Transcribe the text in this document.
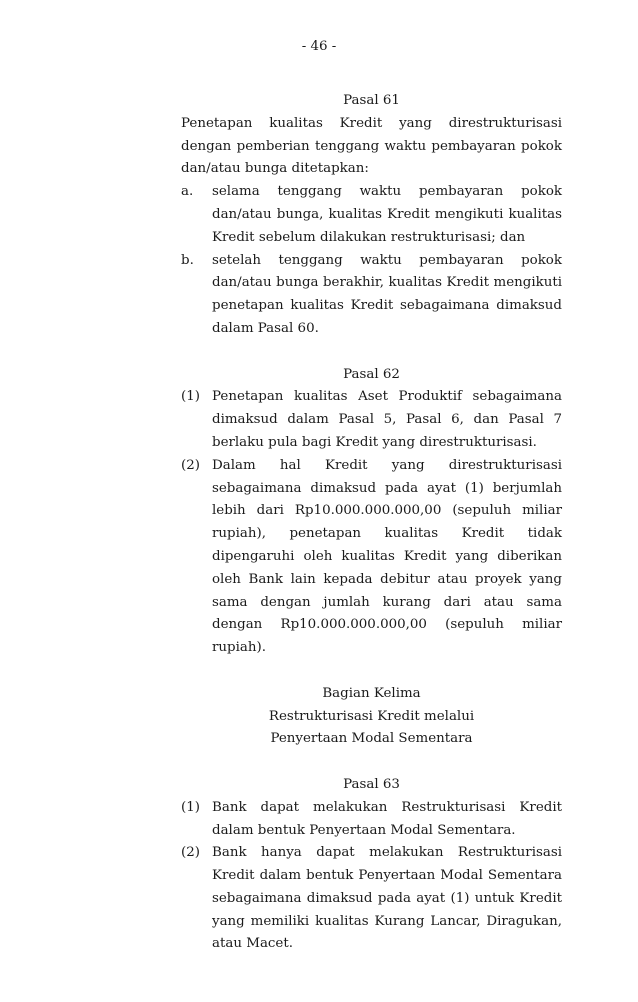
- 46 -
Pasal 61
Penetapan kualitas Kredit yang direstrukturisasi dengan pemberian tenggang waktu pembayaran pokok dan/atau bunga ditetapkan:
a.	selama tenggang waktu pembayaran pokok dan/atau bunga, kualitas Kredit mengikuti kualitas Kredit sebelum dilakukan restrukturisasi; dan
b.	setelah tenggang waktu pembayaran pokok dan/atau bunga berakhir, kualitas Kredit mengikuti penetapan kualitas Kredit sebagaimana dimaksud dalam Pasal 60.
Pasal 62
(1) Penetapan kualitas Aset Produktif sebagaimana dimaksud dalam Pasal 5, Pasal 6, dan Pasal 7 berlaku pula bagi Kredit yang direstrukturisasi.
(2) Dalam hal Kredit yang direstrukturisasi sebagaimana dimaksud pada ayat (1) berjumlah lebih dari Rp10.000.000.000,00 (sepuluh miliar rupiah), penetapan kualitas Kredit tidak dipengaruhi oleh kualitas Kredit yang diberikan oleh Bank lain kepada debitur atau proyek yang sama dengan jumlah kurang dari atau sama dengan Rp10.000.000.000,00 (sepuluh miliar rupiah).
Bagian Kelima
Restrukturisasi Kredit melalui
Penyertaan Modal Sementara
Pasal 63
(1) Bank dapat melakukan Restrukturisasi Kredit dalam bentuk Penyertaan Modal Sementara.
(2) Bank hanya dapat melakukan Restrukturisasi Kredit dalam bentuk Penyertaan Modal Sementara sebagaimana dimaksud pada ayat (1) untuk Kredit yang memiliki kualitas Kurang Lancar, Diragukan, atau Macet.
